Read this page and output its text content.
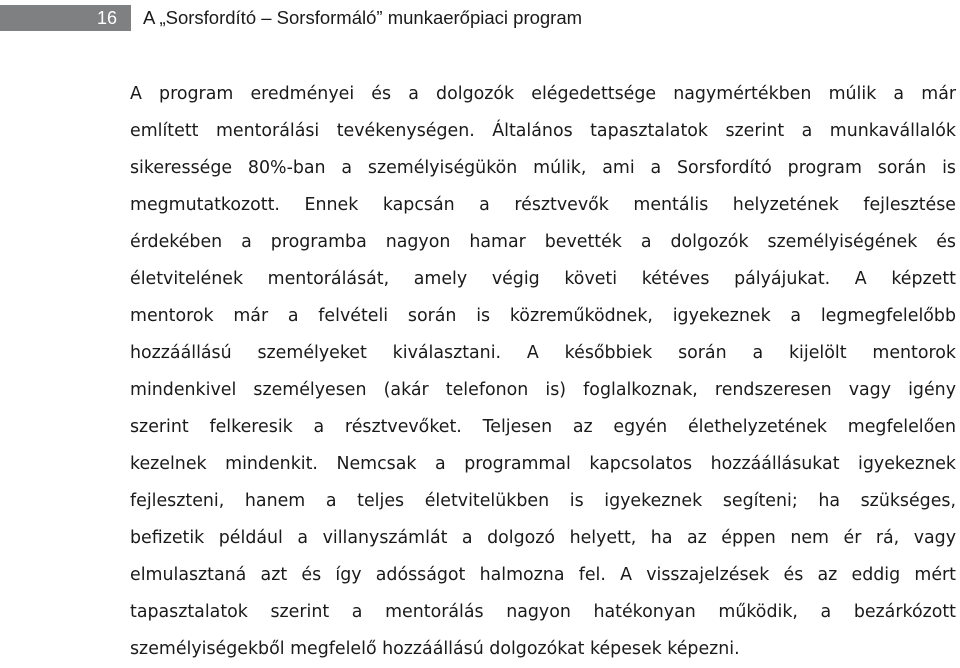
16 A „Sorsfordító – Sorsformáló” munkaerőpiaci program
A program eredményei és a dolgozók elégedettsége nagymértékben múlik a már
említett mentorálási tevékenységen. Általános tapasztalatok szerint a munkavállalók
sikeressége 80%-ban a személyiségükön múlik, ami a Sorsfordító program során is
megmutatkozott. Ennek kapcsán a résztvevők mentális helyzetének fejlesztése
érdekében a programba nagyon hamar bevették a dolgozók személyiségének és
életvitelének mentorálását, amely végig követi kétéves pályájukat. A képzett
mentorok már a felvételi során is közreműködnek, igyekeznek a legmegfelelőbb
hozzáállású személyeket kiválasztani. A későbbiek során a kijelölt mentorok
mindenkivel személyesen (akár telefonon is) foglalkoznak, rendszeresen vagy igény
szerint felkeresik a résztvevőket. Teljesen az egyén élethelyzetének megfelelően
kezelnek mindenkit. Nemcsak a programmal kapcsolatos hozzáállásukat igyekeznek
fejleszteni, hanem a teljes életvitelükben is igyekeznek segíteni; ha szükséges,
befizetik például a villanyszámlát a dolgozó helyett, ha az éppen nem ér rá, vagy
elmulasztaná azt és így adósságot halmozna fel. A visszajelzések és az eddig mért
tapasztalatok szerint a mentorálás nagyon hatékonyan működik, a bezárkózott
személyiségekből megfelelő hozzáállású dolgozókat képesek képezni.
